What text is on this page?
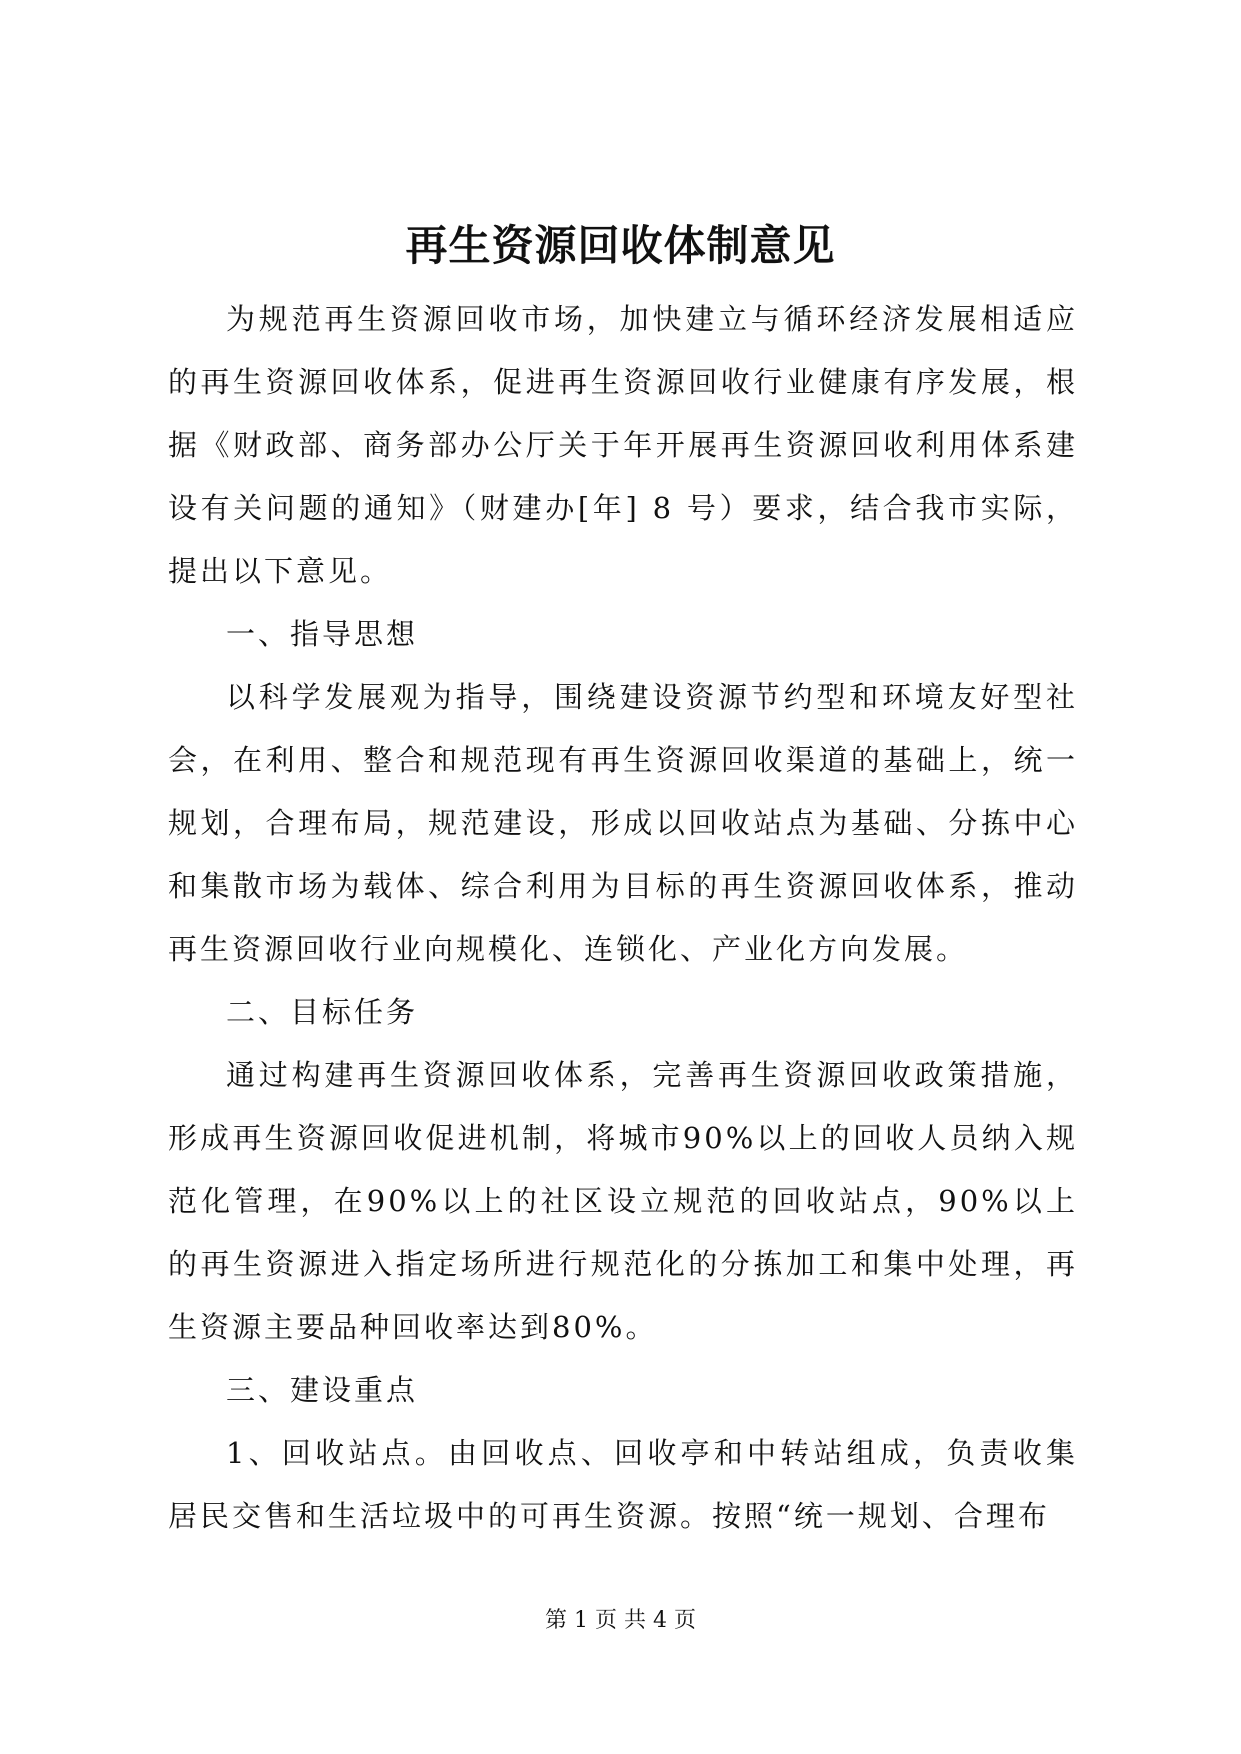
再生资源回收体制意见

为规范再生资源回收市场，加快建立与循环经济发展相适应的再生资源回收体系，促进再生资源回收行业健康有序发展，根据《财政部、商务部办公厅关于年开展再生资源回收利用体系建设有关问题的通知》（财建办[年] 8 号）要求，结合我市实际，提出以下意见。

一、指导思想

以科学发展观为指导，围绕建设资源节约型和环境友好型社会，在利用、整合和规范现有再生资源回收渠道的基础上，统一规划，合理布局，规范建设，形成以回收站点为基础、分拣中心和集散市场为载体、综合利用为目标的再生资源回收体系，推动再生资源回收行业向规模化、连锁化、产业化方向发展。

二、目标任务

通过构建再生资源回收体系，完善再生资源回收政策措施，形成再生资源回收促进机制，将城市90%以上的回收人员纳入规范化管理，在90%以上的社区设立规范的回收站点，90%以上的再生资源进入指定场所进行规范化的分拣加工和集中处理，再生资源主要品种回收率达到80%。

三、建设重点

1、回收站点。由回收点、回收亭和中转站组成，负责收集居民交售和生活垃圾中的可再生资源。按照“统一规划、合理布

第 1 页 共 4 页
